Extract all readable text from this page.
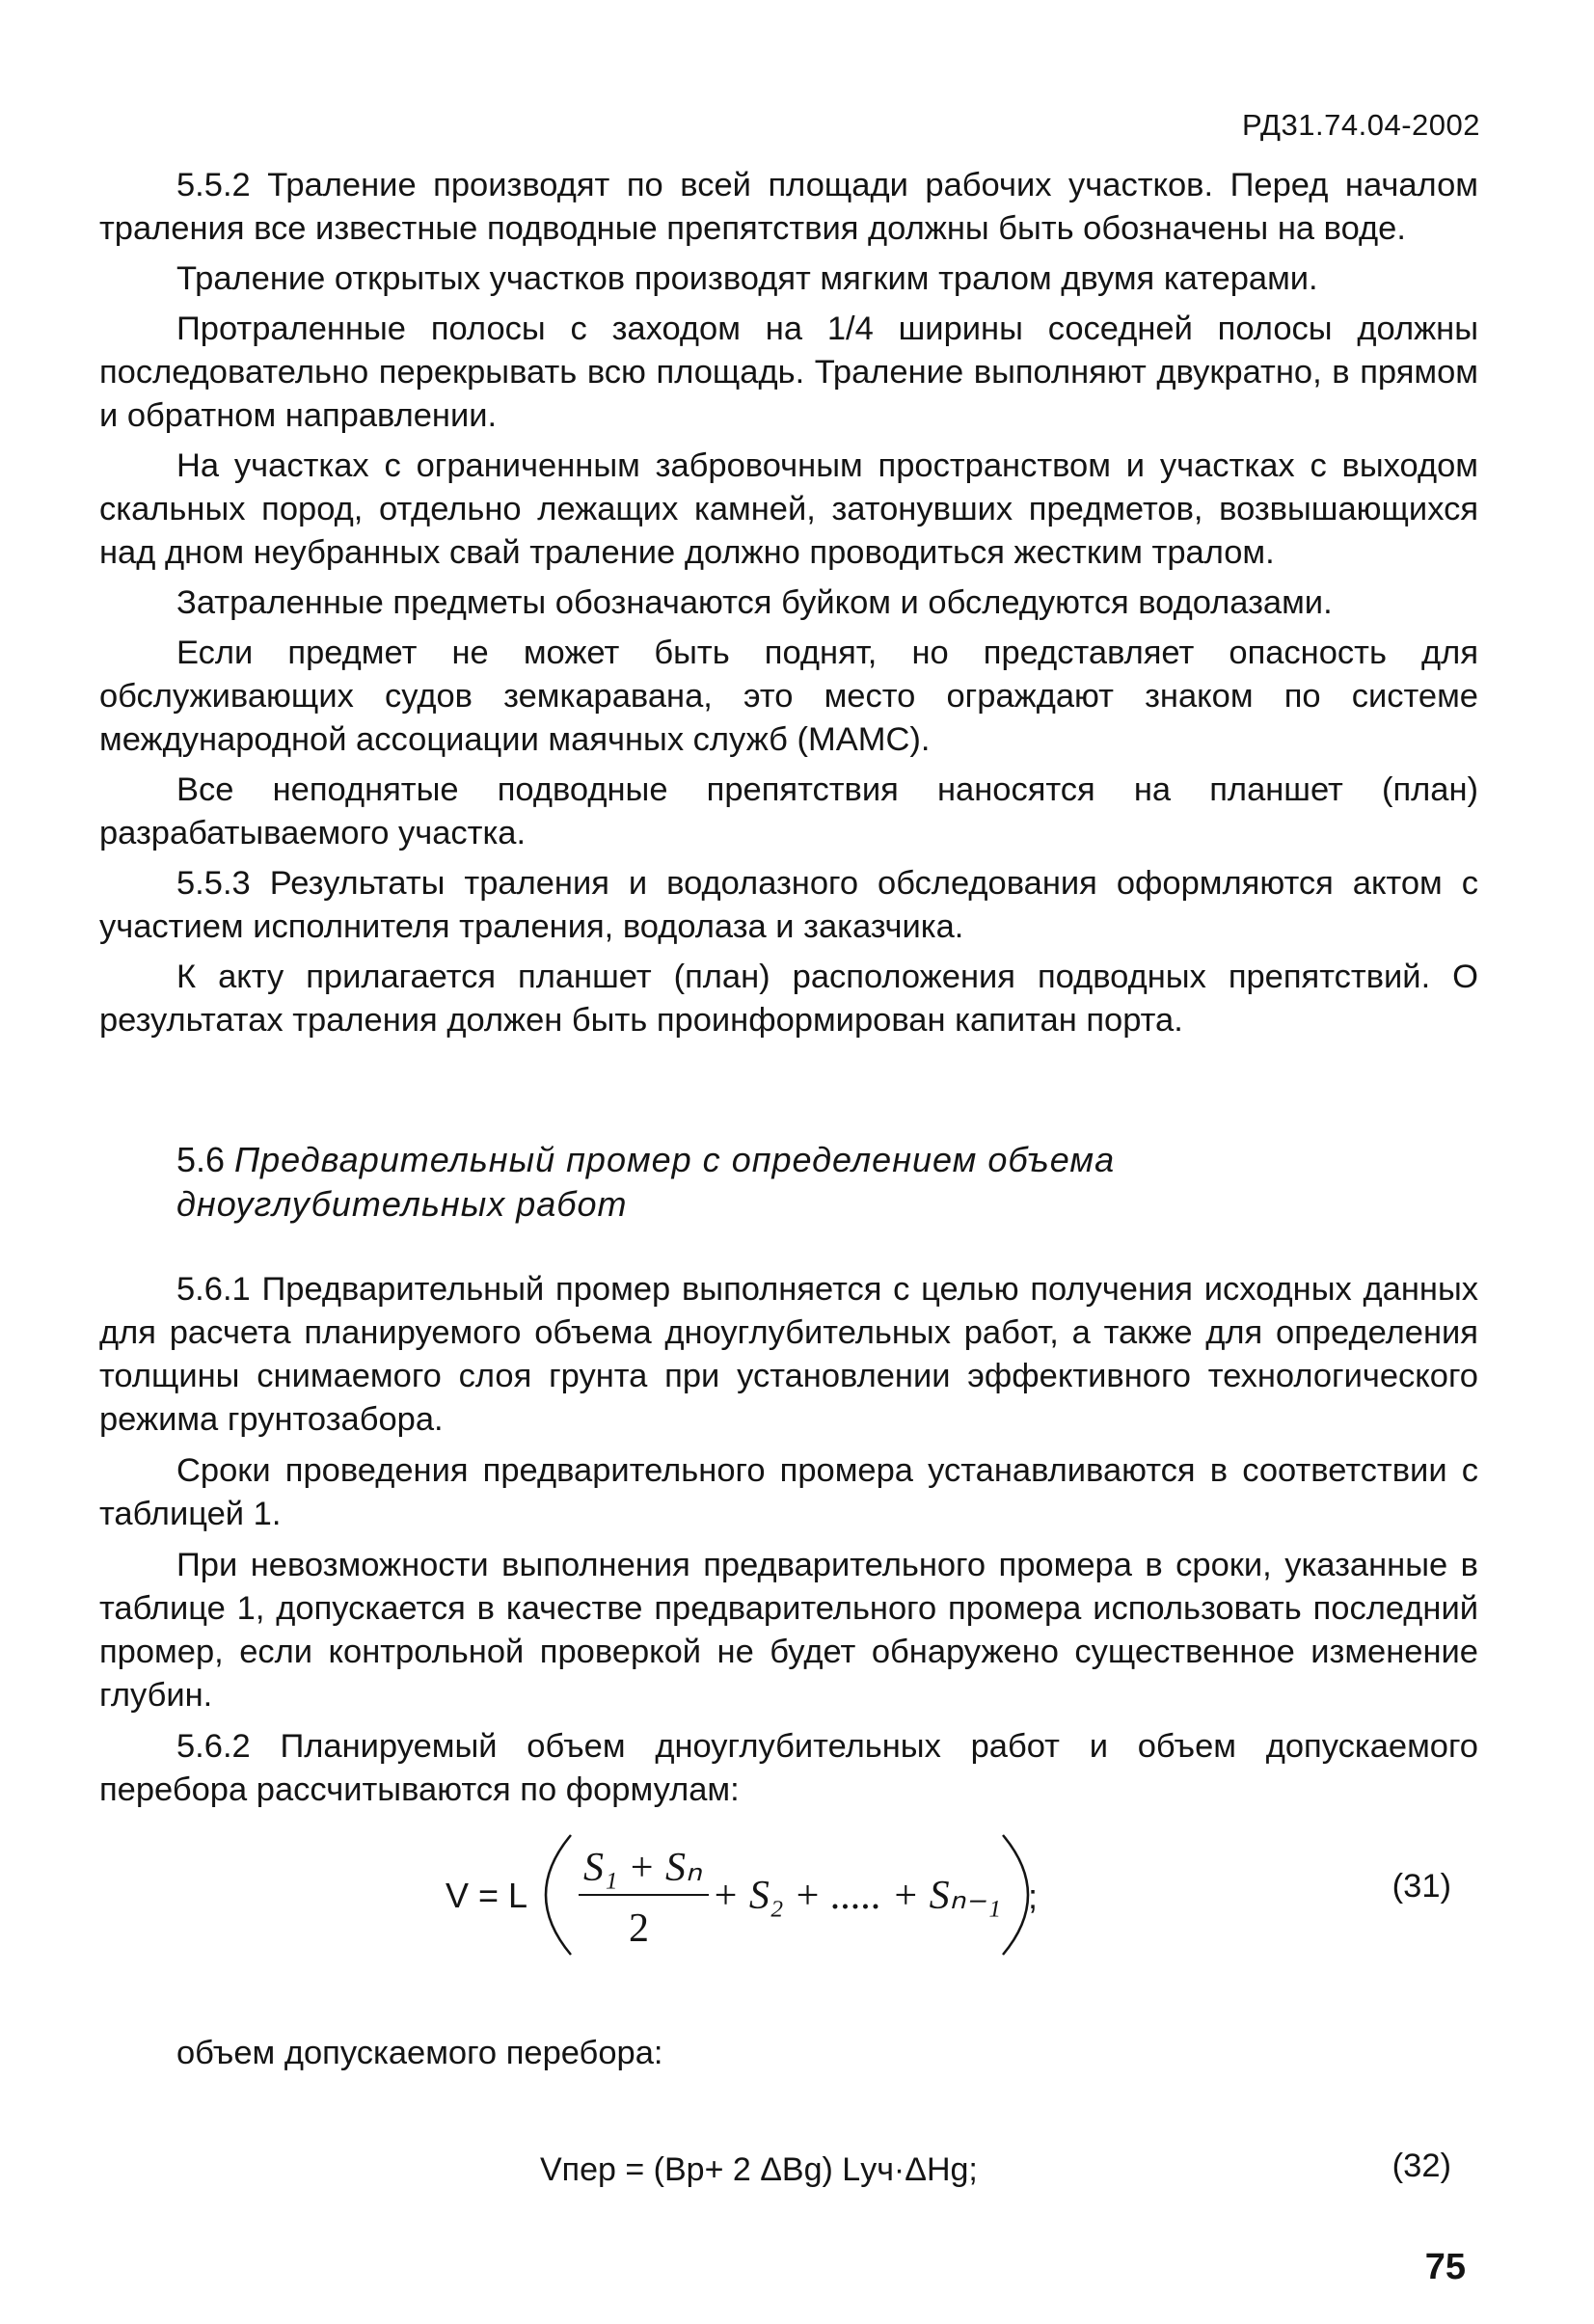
РД31.74.04-2002

5.5.2 Траление производят по всей площади рабочих участков. Перед началом траления все известные подводные препятствия должны быть обозначены на воде.

Траление открытых участков производят мягким тралом двумя катерами.

Протраленные полосы с заходом на 1/4 ширины соседней полосы должны последовательно перекрывать всю площадь. Траление выполняют двукратно, в прямом и обратном направлении.

На участках с ограниченным забровочным пространством и участках с выходом скальных пород, отдельно лежащих камней, затонувших предметов, возвышающихся над дном неубранных свай траление должно проводиться жестким тралом.

Затраленные предметы обозначаются буйком и обследуются водолазами.

Если предмет не может быть поднят, но представляет опасность для обслуживающих судов земкаравана, это место ограждают знаком по системе международной ассоциации маячных служб (МАМС).

Все неподнятые подводные препятствия наносятся на планшет (план) разрабатываемого участка.

5.5.3 Результаты траления и водолазного обследования оформляются актом с участием исполнителя траления, водолаза и заказчика.

К акту прилагается планшет (план) расположения подводных препятствий. О результатах траления должен быть проинформирован капитан порта.

5.6 Предварительный промер с определением объема дноуглубительных работ

5.6.1 Предварительный промер выполняется с целью получения исходных данных для расчета планируемого объема дноуглубительных работ, а также для определения толщины снимаемого слоя грунта при установлении эффективного технологического режима грунтозабора.

Сроки проведения предварительного промера устанавливаются в соответствии с таблицей 1.

При невозможности выполнения предварительного промера в сроки, указанные в таблице 1, допускается в качестве предварительного промера использовать последний промер, если контрольной проверкой не будет обнаружено существенное изменение глубин.

5.6.2 Планируемый объем дноуглубительных работ и объем допускаемого перебора рассчитываются по формулам:

V = L
S₁ + Sₙ
2
+ S₂ + ..... + Sₙ₋₁ ;	(31)
объем допускаемого перебора:
Vпер = (Bр+ 2 ΔBg) Lуч·ΔHg;	(32)
75
